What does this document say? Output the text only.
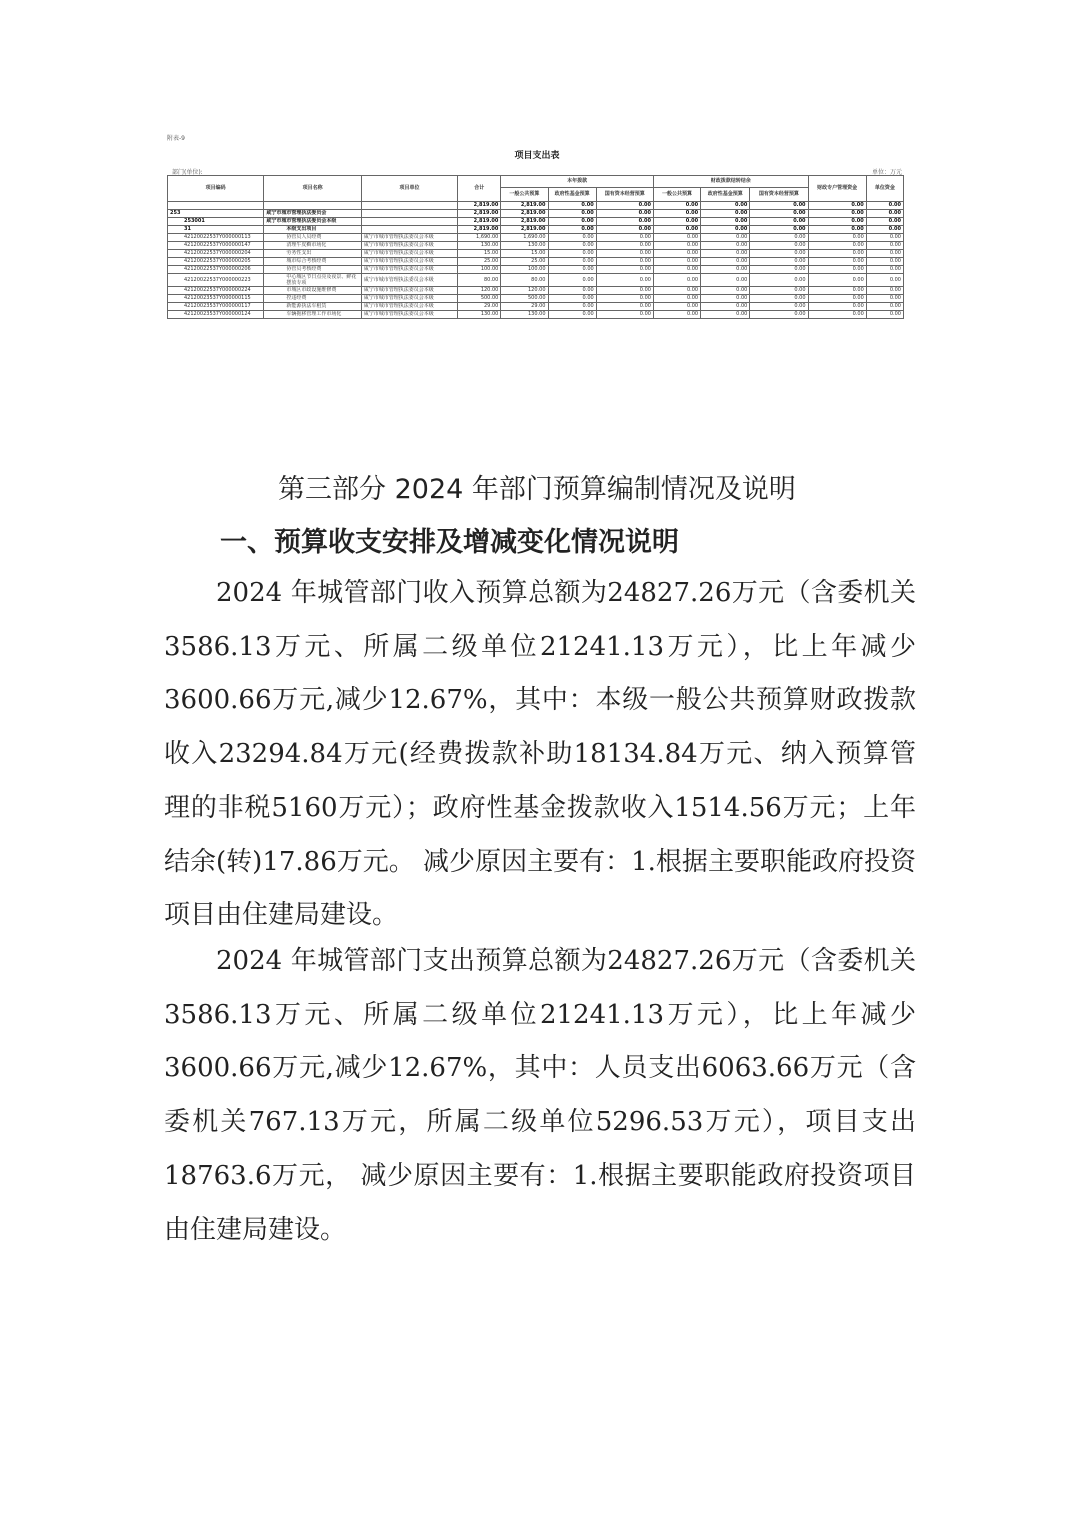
附表-9
项目支出表
部门(单位):	单位：万元
项目编码	项目名称	项目单位	合计	本年拨款			财政拨款结转结余			财政专户管理资金	单位资金
				一般公共预算	政府性基金预算	国有资本经营预算	一般公共预算	政府性基金预算	国有资本经营预算		
			2,819.00	2,819.00	0.00	0.00	0.00	0.00	0.00	0.00	0.00
253	咸宁市城市管理执法委员会		2,819.00	2,819.00	0.00	0.00	0.00	0.00	0.00	0.00	0.00
253001	咸宁市城市管理执法委员会本级		2,819.00	2,819.00	0.00	0.00	0.00	0.00	0.00	0.00	0.00
31	本级支出项目		2,819.00	2,819.00	0.00	0.00	0.00	0.00	0.00	0.00	0.00
42120022537Y000000113	协管员人员经费	咸宁市城市管理执法委员会本级	1,690.00	1,690.00	0.00	0.00	0.00	0.00	0.00	0.00	0.00
42120022537Y000000147	清理牛皮癣市场化	咸宁市城市管理执法委员会本级	130.00	130.00	0.00	0.00	0.00	0.00	0.00	0.00	0.00
42120022537Y000000204	劳务性支出	咸宁市城市管理执法委员会本级	15.00	15.00	0.00	0.00	0.00	0.00	0.00	0.00	0.00
42120022537Y000000205	城市综合考核经费	咸宁市城市管理执法委员会本级	25.00	25.00	0.00	0.00	0.00	0.00	0.00	0.00	0.00
42120022537Y000000206	协管员考核经费	咸宁市城市管理执法委员会本级	100.00	100.00	0.00	0.00	0.00	0.00	0.00	0.00	0.00
42120022537Y000000223	中心城区节日点亮及夜景、鲜花摆放专项	咸宁市城市管理执法委员会本级	80.00	80.00	0.00	0.00	0.00	0.00	0.00	0.00	0.00
42120022537Y000000224	市城区市政设施维修费	咸宁市城市管理执法委员会本级	120.00	120.00	0.00	0.00	0.00	0.00	0.00	0.00	0.00
42120023537Y000000115	控违经费	咸宁市城市管理执法委员会本级	500.00	500.00	0.00	0.00	0.00	0.00	0.00	0.00	0.00
42120023537Y000000117	新能源执法车租赁	咸宁市城市管理执法委员会本级	29.00	29.00	0.00	0.00	0.00	0.00	0.00	0.00	0.00
42120023537Y000000124	车辆拖移管理工作市场化	咸宁市城市管理执法委员会本级	130.00	130.00	0.00	0.00	0.00	0.00	0.00	0.00	0.00
第三部分 2024 年部门预算编制情况及说明
一、预算收支安排及增减变化情况说明

2024 年城管部门收入预算总额为24827.26万元（含委机关3586.13万元、所属二级单位21241.13万元），比上年减少3600.66万元,减少12.67%，其中：本级一般公共预算财政拨款收入23294.84万元(经费拨款补助18134.84万元、纳入预算管理的非税5160万元）；政府性基金拨款收入1514.56万元；上年结余(转)17.86万元。 减少原因主要有：1.根据主要职能政府投资项目由住建局建设。

2024 年城管部门支出预算总额为24827.26万元（含委机关3586.13万元、所属二级单位21241.13万元），比上年减少3600.66万元,减少12.67%，其中：人员支出6063.66万元（含委机关767.13万元，所属二级单位5296.53万元），项目支出18763.6万元， 减少原因主要有：1.根据主要职能政府投资项目由住建局建设。
